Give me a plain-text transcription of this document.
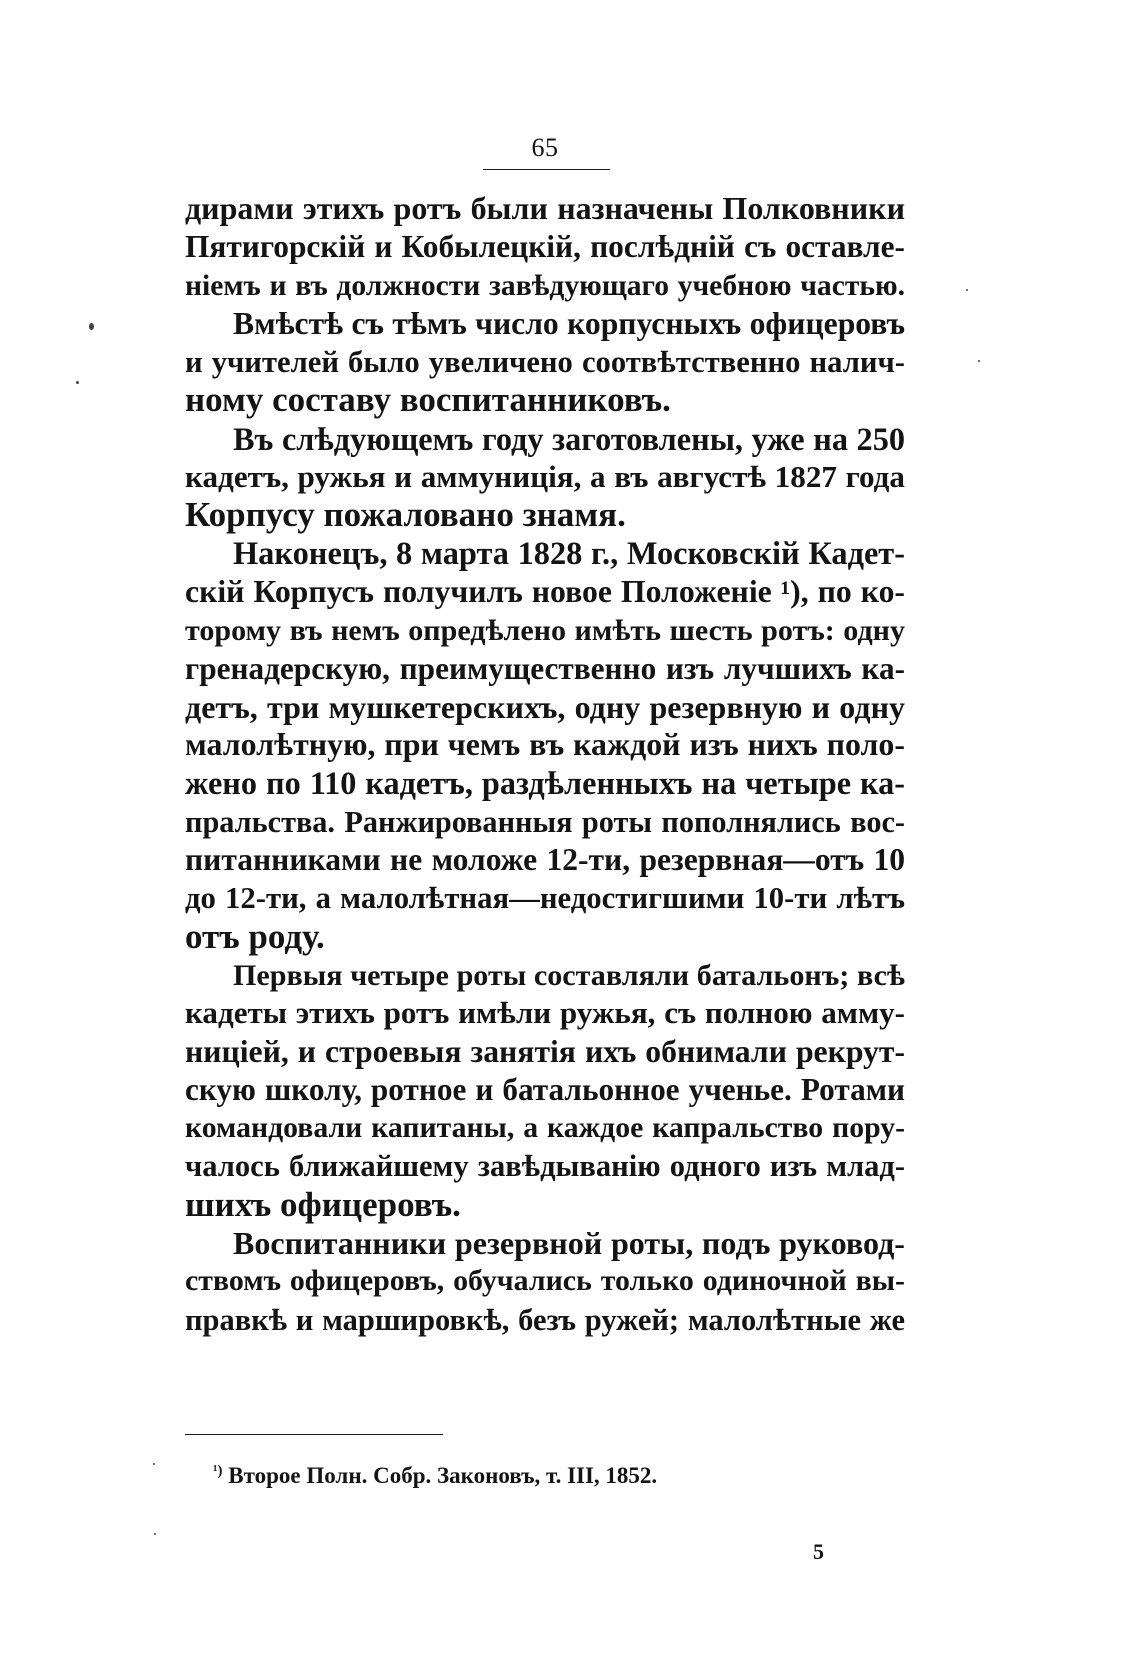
65

дирами этихъ ротъ были назначены Полковники
Пятигорскій и Кобылецкій, послѣдній съ оставле-
ніемъ и въ должности завѣдующаго учебною частью.

Вмѣстѣ съ тѣмъ число корпусныхъ офицеровъ
и учителей было увеличено соотвѣтственно налич-
ному составу воспитанниковъ.

Въ слѣдующемъ году заготовлены, уже на 250
кадетъ, ружья и аммуниція, а въ августѣ 1827 года
Корпусу пожаловано знамя.

Наконецъ, 8 марта 1828 г., Московскій Кадет-
скій Корпусъ получилъ новое Положеніе ¹), по ко-
торому въ немъ опредѣлено имѣть шесть ротъ: одну
гренадерскую, преимущественно изъ лучшихъ ка-
детъ, три мушкетерскихъ, одну резервную и одну
малолѣтную, при чемъ въ каждой изъ нихъ поло-
жено по 110 кадетъ, раздѣленныхъ на четыре ка-
пральства. Ранжированныя роты пополнялись вос-
питанниками не моложе 12-ти, резервная—отъ 10
до 12-ти, а малолѣтная—недостигшими 10-ти лѣтъ
отъ роду.

Первыя четыре роты составляли батальонъ; всѣ
кадеты этихъ ротъ имѣли ружья, съ полною амму-
ниціей, и строевыя занятія ихъ обнимали рекрут-
скую школу, ротное и батальонное ученье. Ротами
командовали капитаны, а каждое капральство пору-
чалось ближайшему завѣдыванію одного изъ млад-
шихъ офицеровъ.

Воспитанники резервной роты, подъ руковод-
ствомъ офицеровъ, обучались только одиночной вы-
правкѣ и маршировкѣ, безъ ружей; малолѣтные же

$^{^1)}$ Второе Полн. Собр. Законовъ, т. III, 1852.
5
